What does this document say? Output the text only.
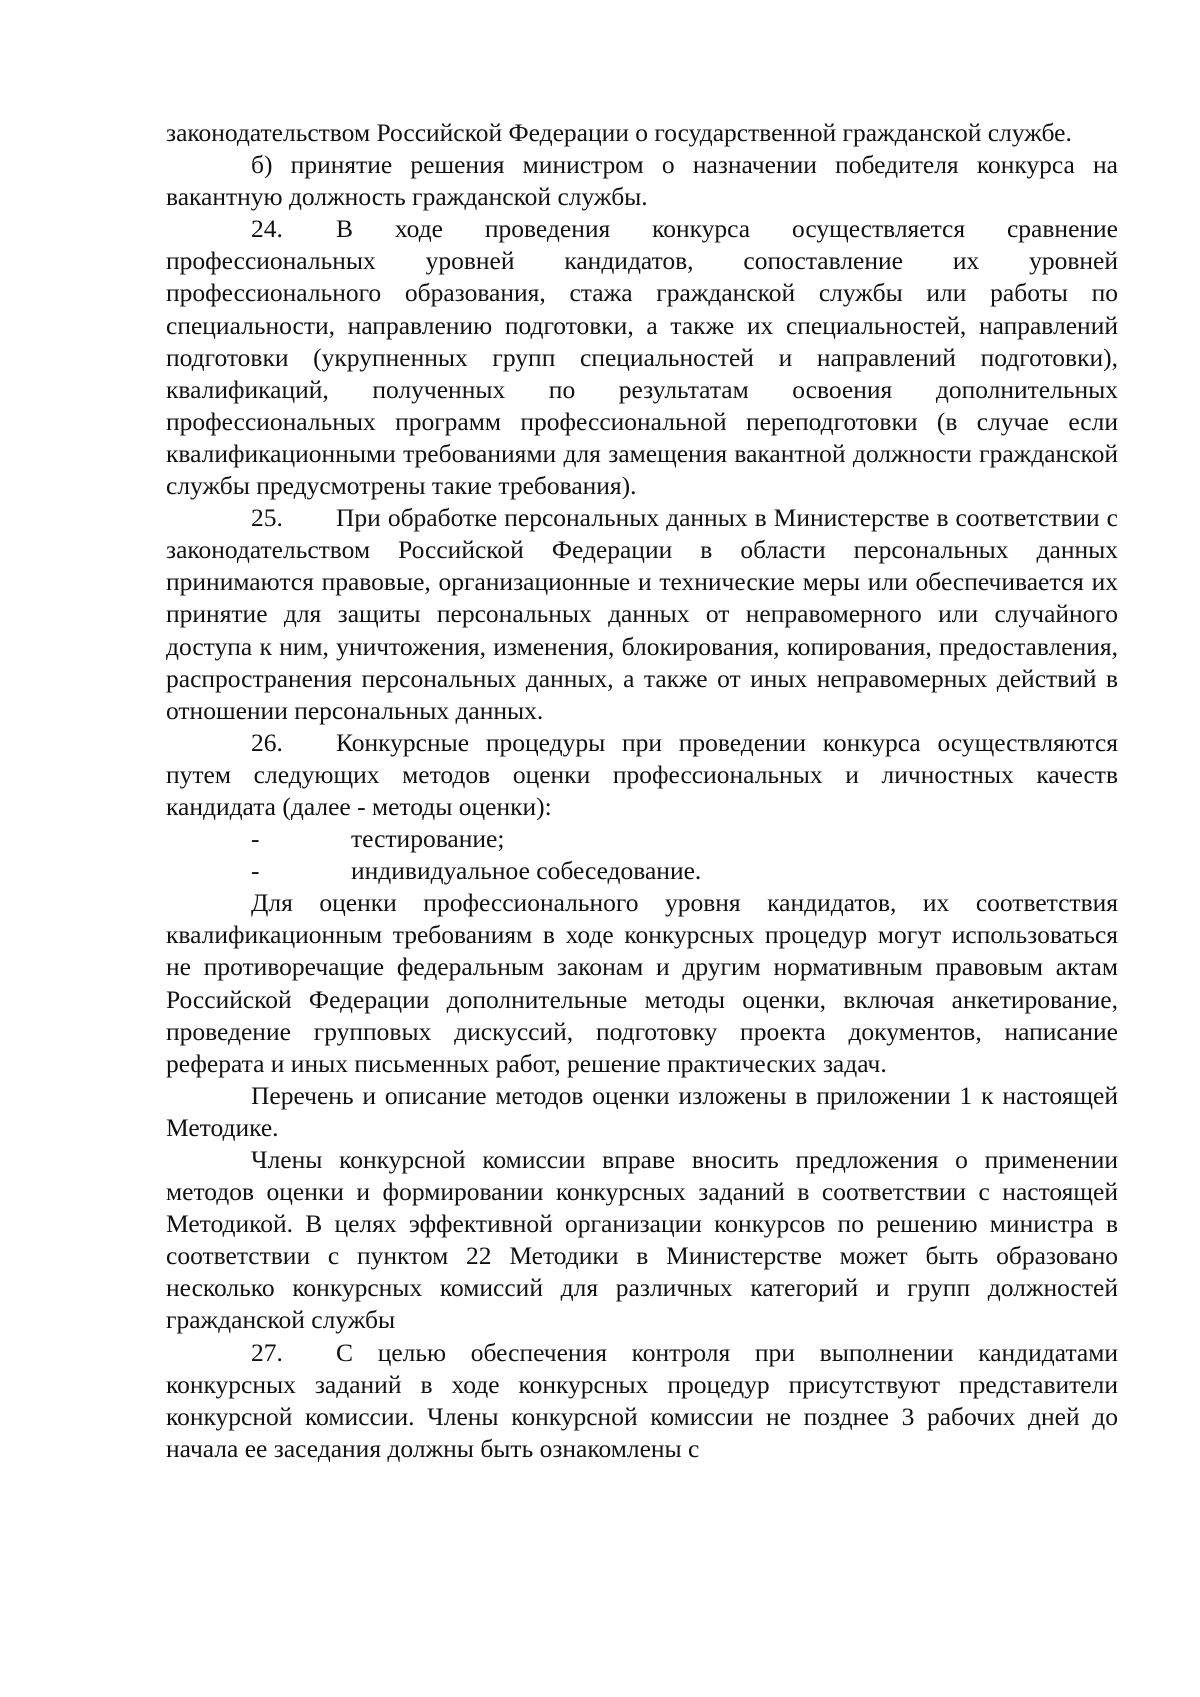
законодательством Российской Федерации о государственной гражданской службе.

б) принятие решения министром о назначении победителя конкурса на вакантную должность гражданской службы.

24. В ходе проведения конкурса осуществляется сравнение профессиональных уровней кандидатов, сопоставление их уровней профессионального образования, стажа гражданской службы или работы по специальности, направлению подготовки, а также их специальностей, направлений подготовки (укрупненных групп специальностей и направлений подготовки), квалификаций, полученных по результатам освоения дополнительных профессиональных программ профессиональной переподготовки (в случае если квалификационными требованиями для замещения вакантной должности гражданской службы предусмотрены такие требования).

25. При обработке персональных данных в Министерстве в соответствии с законодательством Российской Федерации в области персональных данных принимаются правовые, организационные и технические меры или обеспечивается их принятие для защиты персональных данных от неправомерного или случайного доступа к ним, уничтожения, изменения, блокирования, копирования, предоставления, распространения персональных данных, а также от иных неправомерных действий в отношении персональных данных.

26. Конкурсные процедуры при проведении конкурса осуществляются путем следующих методов оценки профессиональных и личностных качеств кандидата (далее - методы оценки):

-	тестирование;
-	индивидуальное собеседование.

Для оценки профессионального уровня кандидатов, их соответствия квалификационным требованиям в ходе конкурсных процедур могут использоваться не противоречащие федеральным законам и другим нормативным правовым актам Российской Федерации дополнительные методы оценки, включая анкетирование, проведение групповых дискуссий, подготовку проекта документов, написание реферата и иных письменных работ, решение практических задач.

Перечень и описание методов оценки изложены в приложении 1 к настоящей Методике.

Члены конкурсной комиссии вправе вносить предложения о применении методов оценки и формировании конкурсных заданий в соответствии с настоящей Методикой. В целях эффективной организации конкурсов по решению министра в соответствии с пунктом 22 Методики в Министерстве может быть образовано несколько конкурсных комиссий для различных категорий и групп должностей гражданской службы

27. С целью обеспечения контроля при выполнении кандидатами конкурсных заданий в ходе конкурсных процедур присутствуют представители конкурсной комиссии. Члены конкурсной комиссии не позднее 3 рабочих дней до начала ее заседания должны быть ознакомлены с
